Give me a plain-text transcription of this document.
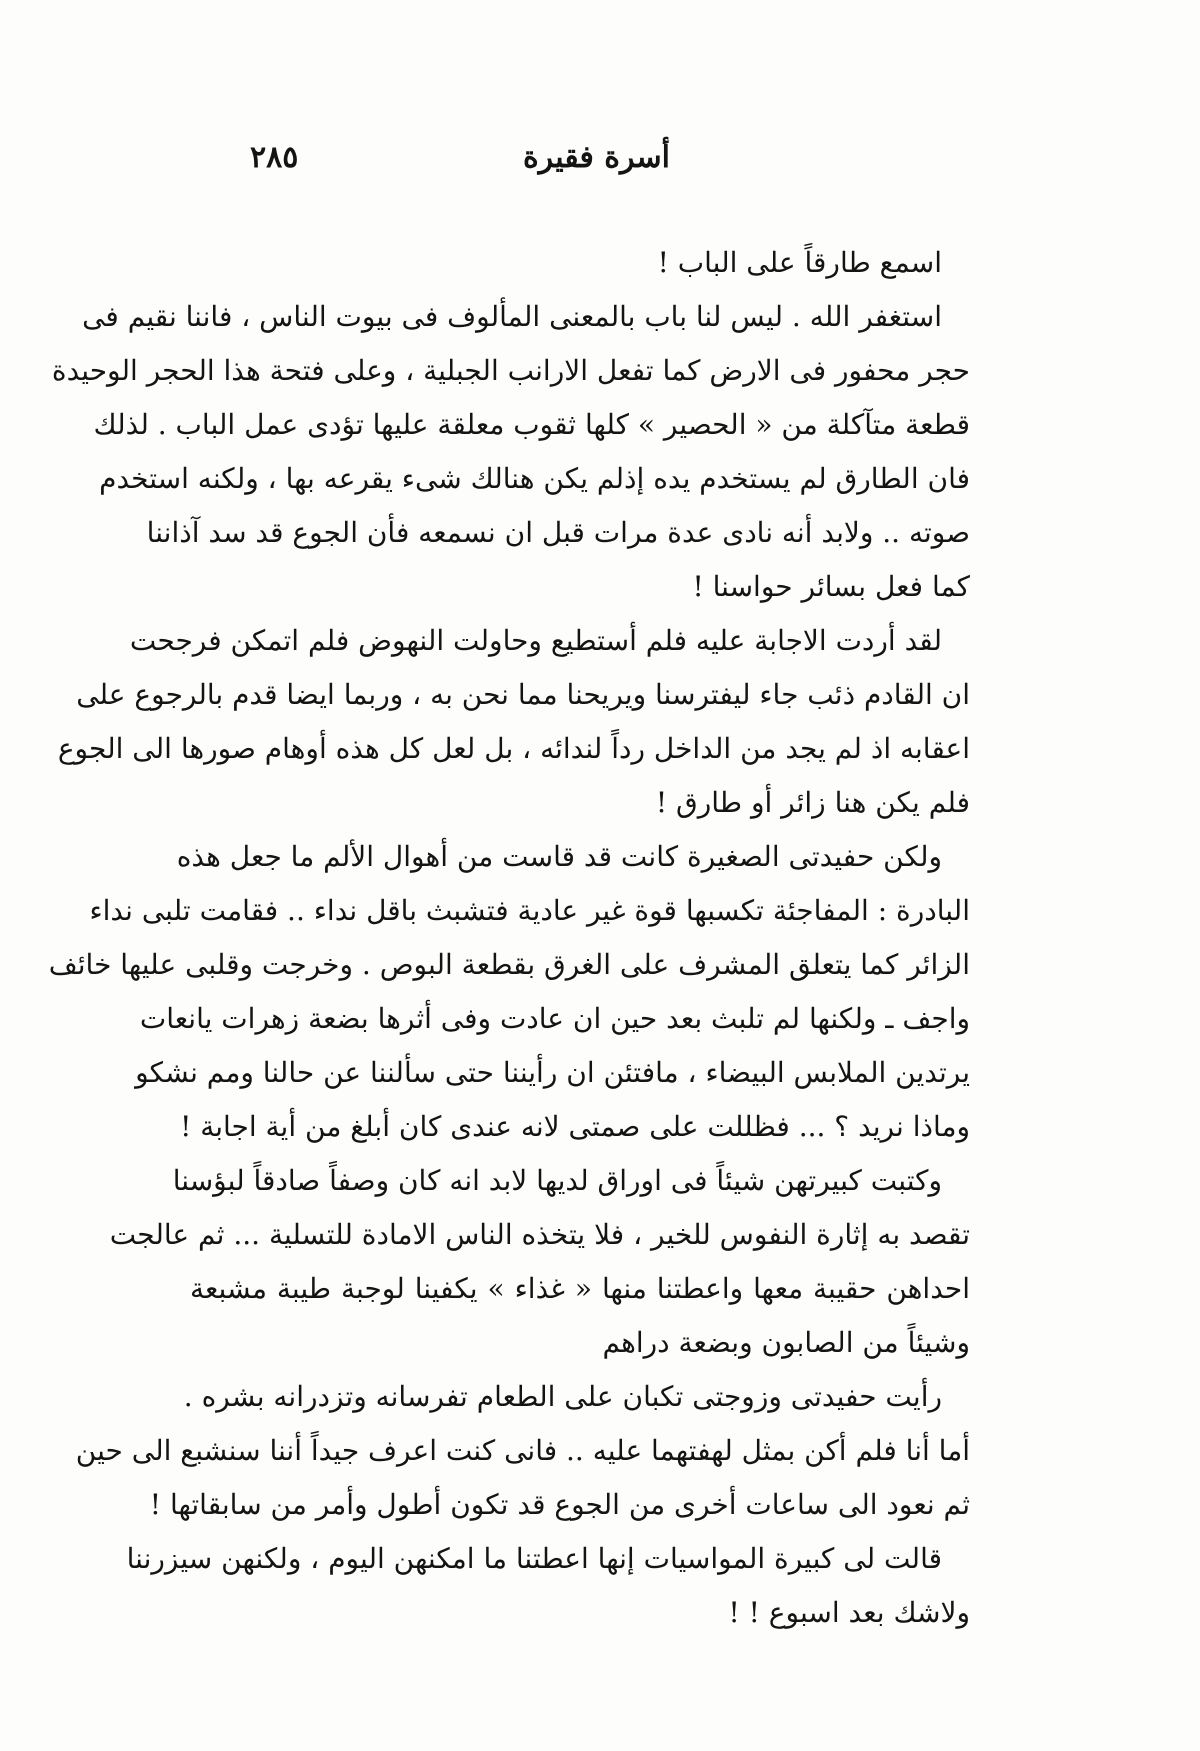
أسرة فقيرة
٢٨٥
اسمع طارقاً على الباب !
استغفر الله . ليس لنا باب بالمعنى المألوف فى بيوت الناس ، فاننا نقيم فى
حجر محفور فى الارض كما تفعل الارانب الجبلية ، وعلى فتحة هذا الحجر الوحيدة
قطعة متآكلة من « الحصير » كلها ثقوب معلقة عليها تؤدى عمل الباب . لذلك
فان الطارق لم يستخدم يده إذلم يكن هنالك شىء يقرعه بها ، ولكنه استخدم
صوته .. ولابد أنه نادى عدة مرات قبل ان نسمعه فأن الجوع قد سد آذاننا
كما فعل بسائر حواسنا !
لقد أردت الاجابة عليه فلم أستطيع وحاولت النهوض فلم اتمكن فرجحت
ان القادم ذئب جاء ليفترسنا ويريحنا مما نحن به ، وربما ايضا قدم بالرجوع على
اعقابه اذ لم يجد من الداخل رداً لندائه ، بل لعل كل هذه أوهام صورها الى الجوع
فلم يكن هنا زائر أو طارق !
ولكن حفيدتى الصغيرة كانت قد قاست من أهوال الألم ما جعل هذه
البادرة : المفاجئة تكسبها قوة غير عادية فتشبث باقل نداء .. فقامت تلبى نداء
الزائر كما يتعلق المشرف على الغرق بقطعة البوص . وخرجت وقلبى عليها خائف
واجف ـ ولكنها لم تلبث بعد حين ان عادت وفى أثرها بضعة زهرات يانعات
يرتدين الملابس البيضاء ، مافتئن ان رأيننا حتى سألننا عن حالنا ومم نشكو
وماذا نريد ؟ ... فظللت على صمتى لانه عندى كان أبلغ من أية اجابة !
وكتبت كبيرتهن شيئاً فى اوراق لديها لابد انه كان وصفاً صادقاً لبؤسنا
تقصد به إثارة النفوس للخير ، فلا يتخذه الناس الامادة للتسلية ... ثم عالجت
احداهن حقيبة معها واعطتنا منها « غذاء » يكفينا لوجبة طيبة مشبعة
وشيئاً من الصابون وبضعة دراهم
رأيت حفيدتى وزوجتى تكبان على الطعام تفرسانه وتزدرانه بشره .
أما أنا فلم أكن بمثل لهفتهما عليه .. فانى كنت اعرف جيداً أننا سنشبع الى حين
ثم نعود الى ساعات أخرى من الجوع قد تكون أطول وأمر من سابقاتها !
قالت لى كبيرة المواسيات إنها اعطتنا ما امكنهن اليوم ، ولكنهن سيزرننا
ولاشك بعد اسبوع ! !
